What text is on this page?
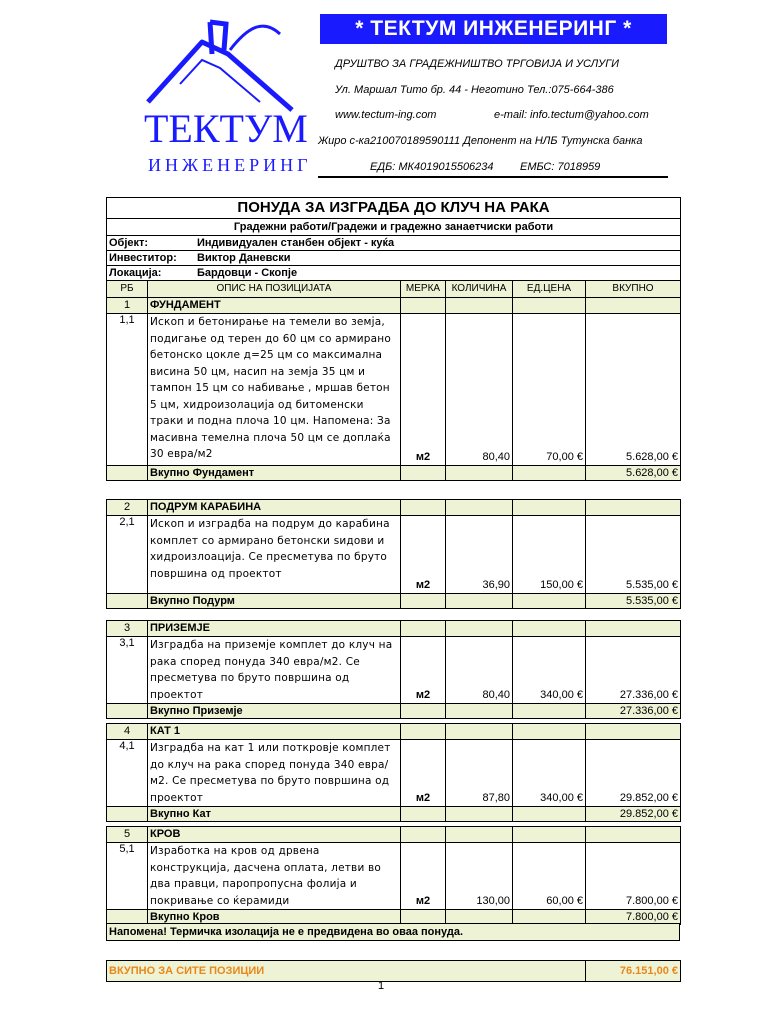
ТЕКТУМ
ИНЖЕНЕРИНГ
* ТЕКТУМ ИНЖЕНЕРИНГ *
ДРУШТВО ЗА ГРАДЕЖНИШТВО ТРГОВИЈА И УСЛУГИ
Ул. Маршал Тито бр. 44 - Неготино Тел.:075-664-386
www.tectum-ing.com	e-mail: info.tectum@yahoo.com
Жиро с-ка210070189590111 Депонент на НЛБ Тутунска банка
ЕДБ: МК4019015506234 ЕМБС: 7018959
ПОНУДА ЗА ИЗГРАДБА ДО КЛУЧ НА РАКА					
Градежни работи/Градежи и градежно занаетчиски работи					
Објект: Индивидуален станбен објект - куќа					
Инвеститор: Виктор Даневски					
Локација: Бардовци - Скопје					
РБ	ОПИС НА ПОЗИЦИЈАТА	МЕРКА	КОЛИЧИНА	ЕД.ЦЕНА	ВКУПНО
1	ФУНДАМЕНТ				
1,1	Ископ и бетонирање на темели во земја, подигање од терен до 60 цм со армирано бетонско цокле д=25 цм со максимална висина 50 цм, насип на земја 35 цм и тампон 15 цм со набивање , мршав бетон 5 цм, хидроизолација од битоменски траки и подна плоча 10 цм. Напомена: За масивна темелна плоча 50 цм се доплаќа 30 евра/м2	м2	80,40	70,00 €	5.628,00 €
	Вкупно Фундамент				5.628,00 €
2	ПОДРУМ КАРАБИНА				
2,1	Ископ и изградба на подрум до карабина комплет со армирано бетонски ѕидови и хидроизлоација. Се пресметува по бруто површина од проектот	м2	36,90	150,00 €	5.535,00 €
	Вкупно Подурм				5.535,00 €
3	ПРИЗЕМЈЕ				
3,1	Изградба на приземје комплет до клуч на рака според понуда 340 евра/м2. Се пресметува по бруто површина од проектот	м2	80,40	340,00 €	27.336,00 €
	Вкупно Приземје				27.336,00 €
4	КАТ 1				
4,1	Изградба на кат 1 или поткровје комплет до клуч на рака според понуда 340 евра/м2. Се пресметува по бруто површина од проектот	м2	87,80	340,00 €	29.852,00 €
	Вкупно Кат				29.852,00 €
5	КРОВ				
5,1	Изработка на кров од дрвена конструкција, дасчена оплата, летви во два правци, паропропусна фолија и покривање со ќерамиди	м2	130,00	60,00 €	7.800,00 €
	Вкупно Кров				7.800,00 €
Напомена! Термичка изолација не е предвидена во оваа понуда.
ВКУПНО ЗА СИТЕ ПОЗИЦИИ	76.151,00 €
1
